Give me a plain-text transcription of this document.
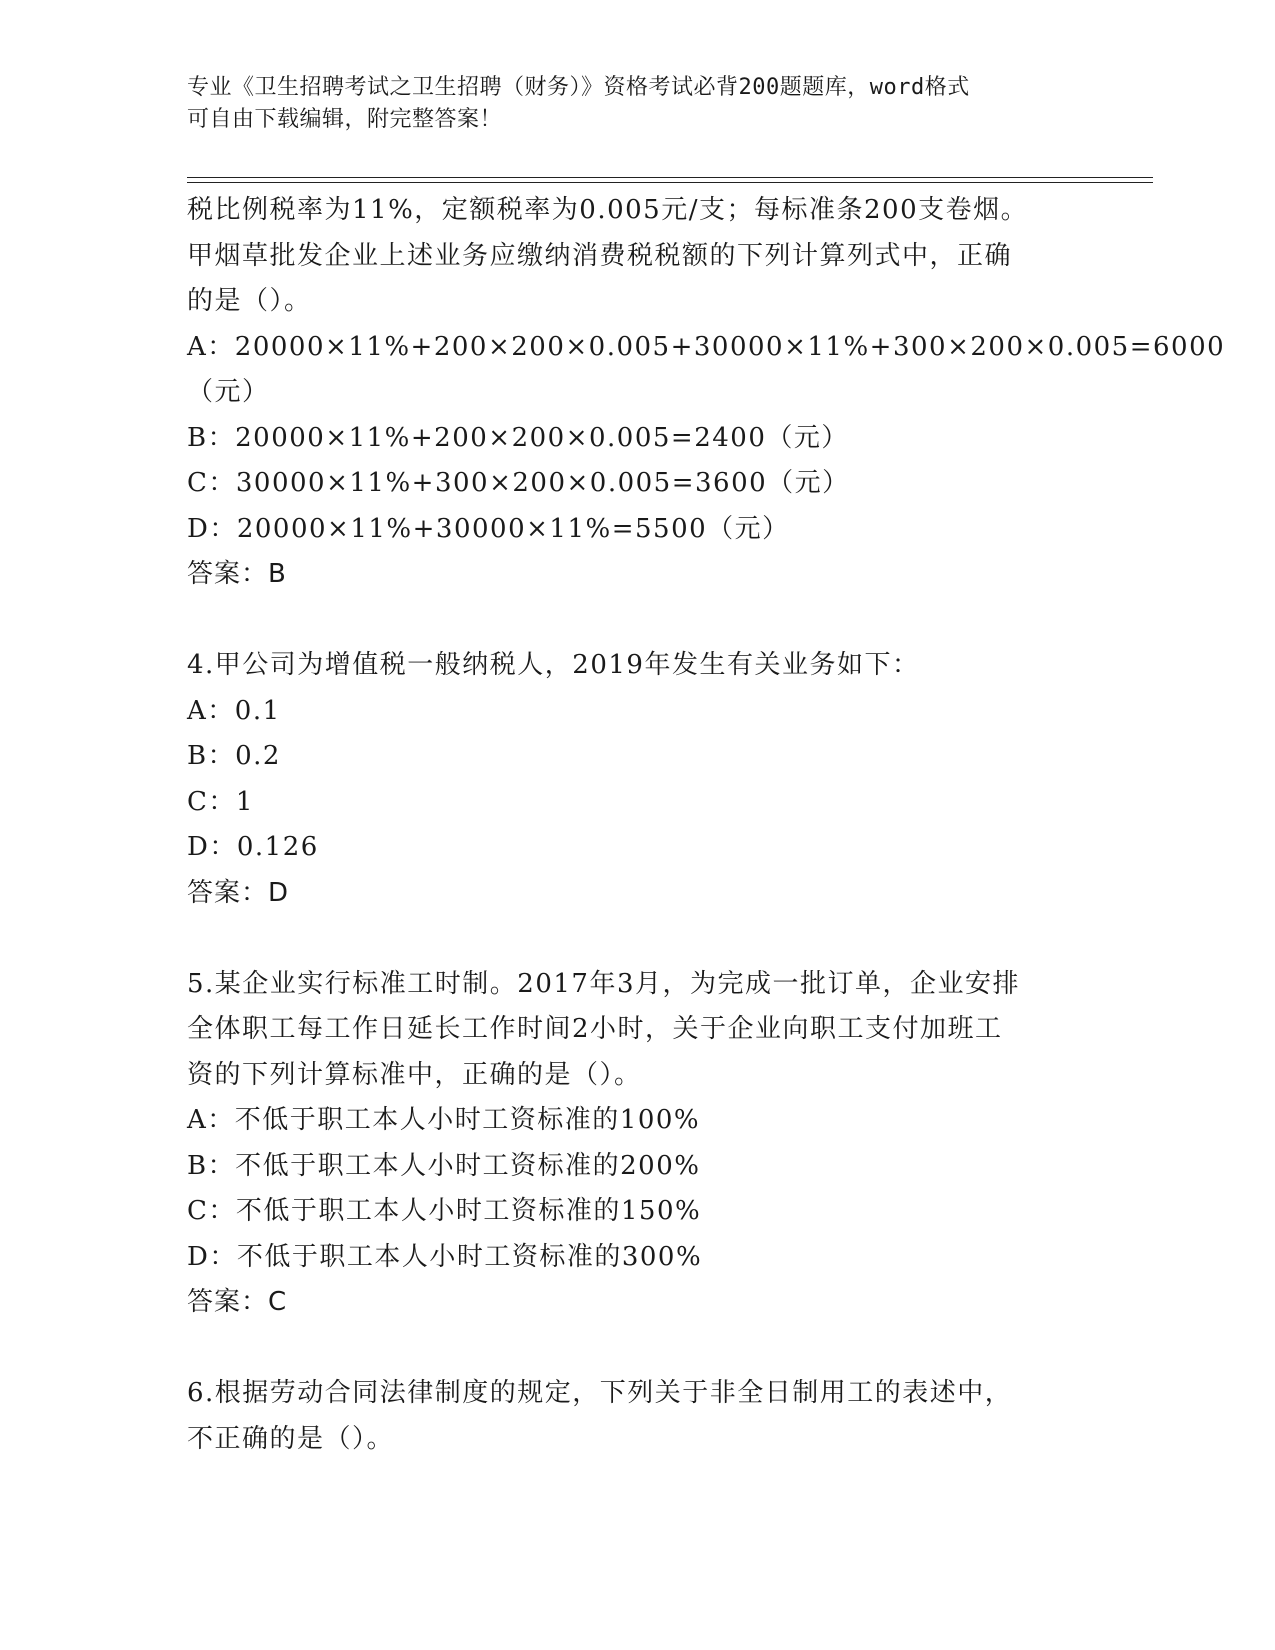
专业《卫生招聘考试之卫生招聘（财务）》资格考试必背200题题库，word格式
可自由下载编辑，附完整答案！
税比例税率为11%，定额税率为0.005元/支；每标准条200支卷烟。
甲烟草批发企业上述业务应缴纳消费税税额的下列计算列式中，正确
的是（）。
A：20000×11%+200×200×0.005+30000×11%+300×200×0.005=6000
（元）
B：20000×11%+200×200×0.005=2400（元）
C：30000×11%+300×200×0.005=3600（元）
D：20000×11%+30000×11%=5500（元）
答案：B
4.甲公司为增值税一般纳税人，2019年发生有关业务如下：
A：0.1
B：0.2
C：1
D：0.126
答案：D
5.某企业实行标准工时制。2017年3月，为完成一批订单，企业安排
全体职工每工作日延长工作时间2小时，关于企业向职工支付加班工
资的下列计算标准中，正确的是（）。
A：不低于职工本人小时工资标准的100%
B：不低于职工本人小时工资标准的200%
C：不低于职工本人小时工资标准的150%
D：不低于职工本人小时工资标准的300%
答案：C
6.根据劳动合同法律制度的规定，下列关于非全日制用工的表述中，
不正确的是（）。
